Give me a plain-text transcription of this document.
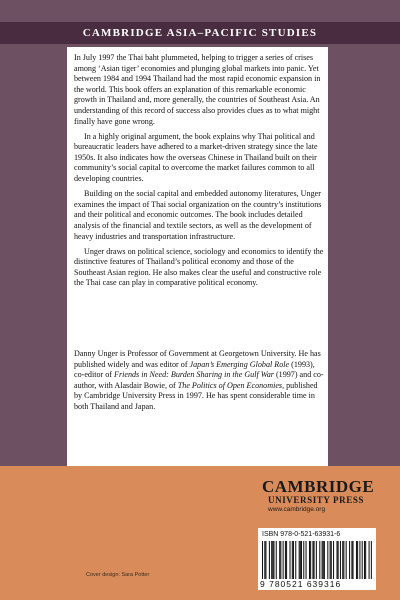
CAMBRIDGE ASIA–PACIFIC STUDIES

In July 1997 the Thai baht plummeted, helping to trigger a series of crises among ‘Asian tiger’ economies and plunging global markets into panic. Yet between 1984 and 1994 Thailand had the most rapid economic expansion in the world. This book offers an explanation of this remarkable economic growth in Thailand and, more generally, the countries of Southeast Asia. An understanding of this record of success also provides clues as to what might finally have gone wrong.

In a highly original argument, the book explains why Thai political and bureaucratic leaders have adhered to a market-driven strategy since the late 1950s. It also indicates how the overseas Chinese in Thailand built on their community’s social capital to overcome the market failures common to all developing countries.

Building on the social capital and embedded autonomy literatures, Unger examines the impact of Thai social organization on the country’s institutions and their political and economic outcomes. The book includes detailed analysis of the financial and textile sectors, as well as the development of heavy industries and transportation infrastructure.

Unger draws on political science, sociology and economics to identify the distinctive features of Thailand’s political economy and those of the Southeast Asian region. He also makes clear the useful and constructive role the Thai case can play in comparative political economy.

Danny Unger is Professor of Government at Georgetown University. He has published widely and was editor of Japan’s Emerging Global Role (1993), co-editor of Friends in Need: Burden Sharing in the Gulf War (1997) and co-author, with Alasdair Bowie, of The Politics of Open Economies, published by Cambridge University Press in 1997. He has spent considerable time in both Thailand and Japan.
CAMBRIDGE
UNIVERSITY PRESS
www.cambridge.org
ISBN 978-0-521-63931-6
9 780521 639316
Cover design: Sara Potter
